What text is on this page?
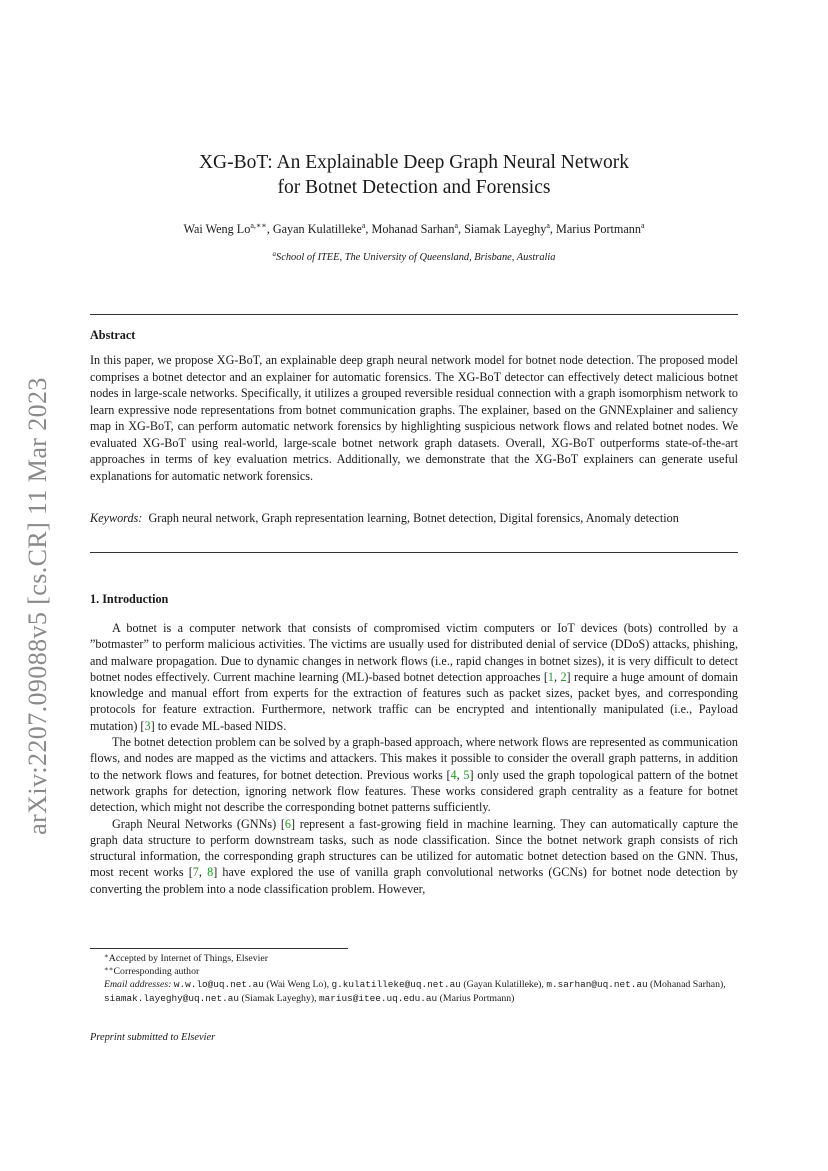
arXiv:2207.09088v5 [cs.CR] 11 Mar 2023
XG-BoT: An Explainable Deep Graph Neural Network
for Botnet Detection and Forensics
Wai Weng $Lo^{a,∗∗}$, Gayan Kulatilleke$^a$, Mohanad Sarhan$^a$, Siamak Layeghy$^a$, Marius Portmann$^a$
$^a$School of ITEE, The University of Queensland, Brisbane, Australia
Abstract
In this paper, we propose XG-BoT, an explainable deep graph neural network model for botnet node detection. The proposed model comprises a botnet detector and an explainer for automatic forensics. The XG-BoT detector can effectively detect malicious botnet nodes in large-scale networks. Specifically, it utilizes a grouped reversible residual connection with a graph isomorphism network to learn expressive node representations from botnet communication graphs. The explainer, based on the GNNExplainer and saliency map in XG-BoT, can perform automatic network forensics by highlighting suspicious network flows and related botnet nodes. We evaluated XG-BoT using real-world, large-scale botnet network graph datasets. Overall, XG-BoT outperforms state-of-the-art approaches in terms of key evaluation metrics. Additionally, we demonstrate that the XG-BoT explainers can generate useful explanations for automatic network forensics.
Keywords: Graph neural network, Graph representation learning, Botnet detection, Digital forensics, Anomaly detection
1. Introduction

A botnet is a computer network that consists of compromised victim computers or IoT devices (bots) controlled by a ”botmaster” to perform malicious activities. The victims are usually used for distributed denial of service (DDoS) attacks, phishing, and malware propagation. Due to dynamic changes in network flows (i.e., rapid changes in botnet sizes), it is very difficult to detect botnet nodes effectively. Current machine learning (ML)-based botnet detection approaches [1, 2] require a huge amount of domain knowledge and manual effort from experts for the extraction of features such as packet sizes, packet byes, and corresponding protocols for feature extraction. Furthermore, network traffic can be encrypted and intentionally manipulated (i.e., Payload mutation) [3] to evade ML-based NIDS.

The botnet detection problem can be solved by a graph-based approach, where network flows are represented as communication flows, and nodes are mapped as the victims and attackers. This makes it possible to consider the overall graph patterns, in addition to the network flows and features, for botnet detection. Previous works [4, 5] only used the graph topological pattern of the botnet network graphs for detection, ignoring network flow features. These works considered graph centrality as a feature for botnet detection, which might not describe the corresponding botnet patterns sufficiently.

Graph Neural Networks (GNNs) [6] represent a fast-growing field in machine learning. They can automatically capture the graph data structure to perform downstream tasks, such as node classification. Since the botnet network graph consists of rich structural information, the corresponding graph structures can be utilized for automatic botnet detection based on the GNN. Thus, most recent works [7, 8] have explored the use of vanilla graph convolutional networks (GCNs) for botnet node detection by converting the problem into a node classification problem. However,

∗Accepted by Internet of Things, Elsevier

∗∗Corresponding author

Email addresses: w.w.lo@uq.net.au (Wai Weng Lo), g.kulatilleke@uq.net.au (Gayan Kulatilleke), m.sarhan@uq.net.au (Mohanad Sarhan), siamak.layeghy@uq.net.au (Siamak Layeghy), marius@itee.uq.edu.au (Marius Portmann)

Preprint submitted to Elsevier
